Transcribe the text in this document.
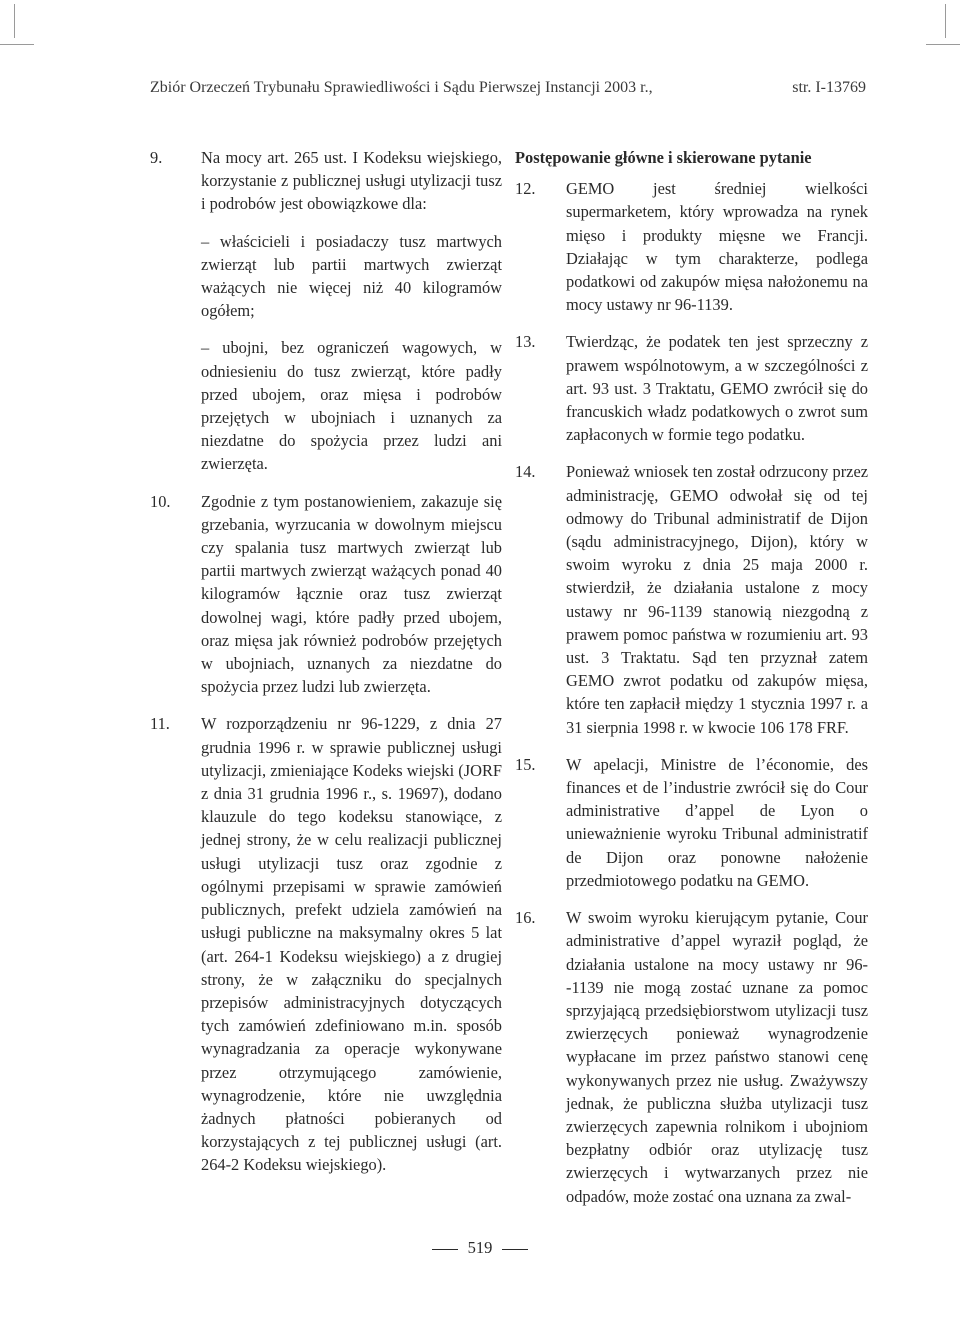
Zbiór Orzeczeń Trybunału Sprawiedliwości i Sądu Pierwszej Instancji 2003 r.,	str. I-13769
9.	Na mocy art. 265 ust. I Kodeksu wiejskiego, korzystanie z publicznej usługi utylizacji tusz i podrobów jest obowiązkowe dla:

– właścicieli i posiadaczy tusz martwych zwierząt lub partii martwych zwierząt ważących nie więcej niż 40 kilogramów ogółem;

– ubojni, bez ograniczeń wagowych, w odniesieniu do tusz zwierząt, które padły przed ubojem, oraz mięsa i podrobów przejętych w ubojniach i uznanych za niezdatne do spożycia przez ludzi ani zwierzęta.

10.	Zgodnie z tym postanowieniem, zakazuje się grzebania, wyrzucania w dowolnym miejscu czy spalania tusz martwych zwierząt lub partii martwych zwierząt ważących ponad 40 kilogramów łącznie oraz tusz zwierząt dowolnej wagi, które padły przed ubojem, oraz mięsa jak również podrobów przejętych w ubojniach, uznanych za niezdatne do spożycia przez ludzi lub zwierzęta.

11.	W rozporządzeniu nr 96-1229, z dnia 27 grudnia 1996 r. w sprawie publicznej usługi utylizacji, zmieniające Kodeks wiejski (JORF z dnia 31 grudnia 1996 r., s. 19697), dodano klauzule do tego kodeksu stanowiące, z jednej strony, że w celu realizacji publicznej usługi utylizacji tusz oraz zgodnie z ogólnymi przepisami w sprawie zamówień publicznych, prefekt udziela zamówień na usługi publiczne na maksymalny okres 5 lat (art. 264-1 Kodeksu wiejskiego) a z drugiej strony, że w załączniku do specjalnych przepisów administracyjnych dotyczących tych zamówień zdefiniowano m.in. sposób wynagradzania za operacje wykonywane przez otrzymującego zamówienie, wynagrodzenie, które nie uwzględnia żadnych płatności pobieranych od korzystających z tej publicznej usługi (art. 264-2 Kodeksu wiejskiego).

Postępowanie główne i skierowane pytanie
12.	GEMO jest średniej wielkości supermarketem, który wprowadza na rynek mięso i produkty mięsne we Francji. Działając w tym charakterze, podlega podatkowi od zakupów mięsa nałożonemu na mocy ustawy nr 96-1139.
13.	Twierdząc, że podatek ten jest sprzeczny z prawem wspólnotowym, a w szczególności z art. 93 ust. 3 Traktatu, GEMO zwrócił się do francuskich władz podatkowych o zwrot sum zapłaconych w formie tego podatku.
14.	Ponieważ wniosek ten został odrzucony przez administrację, GEMO odwołał się od tej odmowy do Tribunal administratif de Dijon (sądu administracyjnego, Dijon), który w swoim wyroku z dnia 25 maja 2000 r. stwierdził, że działania ustalone z mocy ustawy nr 96-1139 stanowią niezgodną z prawem pomoc państwa w rozumieniu art. 93 ust. 3 Traktatu. Sąd ten przyznał zatem GEMO zwrot podatku od zakupów mięsa, które ten zapłacił między 1 stycznia 1997 r. a 31 sierpnia 1998 r. w kwocie 106 178 FRF.
15.	W apelacji, Ministre de l’économie, des finances et de l’industrie zwrócił się do Cour administrative d’appel de Lyon o unieważnienie wyroku Tribunal administratif de Dijon oraz ponowne nałożenie przedmiotowego podatku na GEMO.
16.	W swoim wyroku kierującym pytanie, Cour administrative d’appel wyraził pogląd, że działania ustalone na mocy ustawy nr 96--1139 nie mogą zostać uznane za pomoc sprzyjającą przedsiębiorstwom utylizacji tusz zwierzęcych ponieważ wynagrodzenie wypłacane im przez państwo stanowi cenę wykonywanych przez nie usług. Zważywszy jednak, że publiczna służba utylizacji tusz zwierzęcych zapewnia rolnikom i ubojniom bezpłatny odbiór oraz utylizację tusz zwierzęcych i wytwarzanych przez nie odpadów, może zostać ona uznana za zwal-
519
